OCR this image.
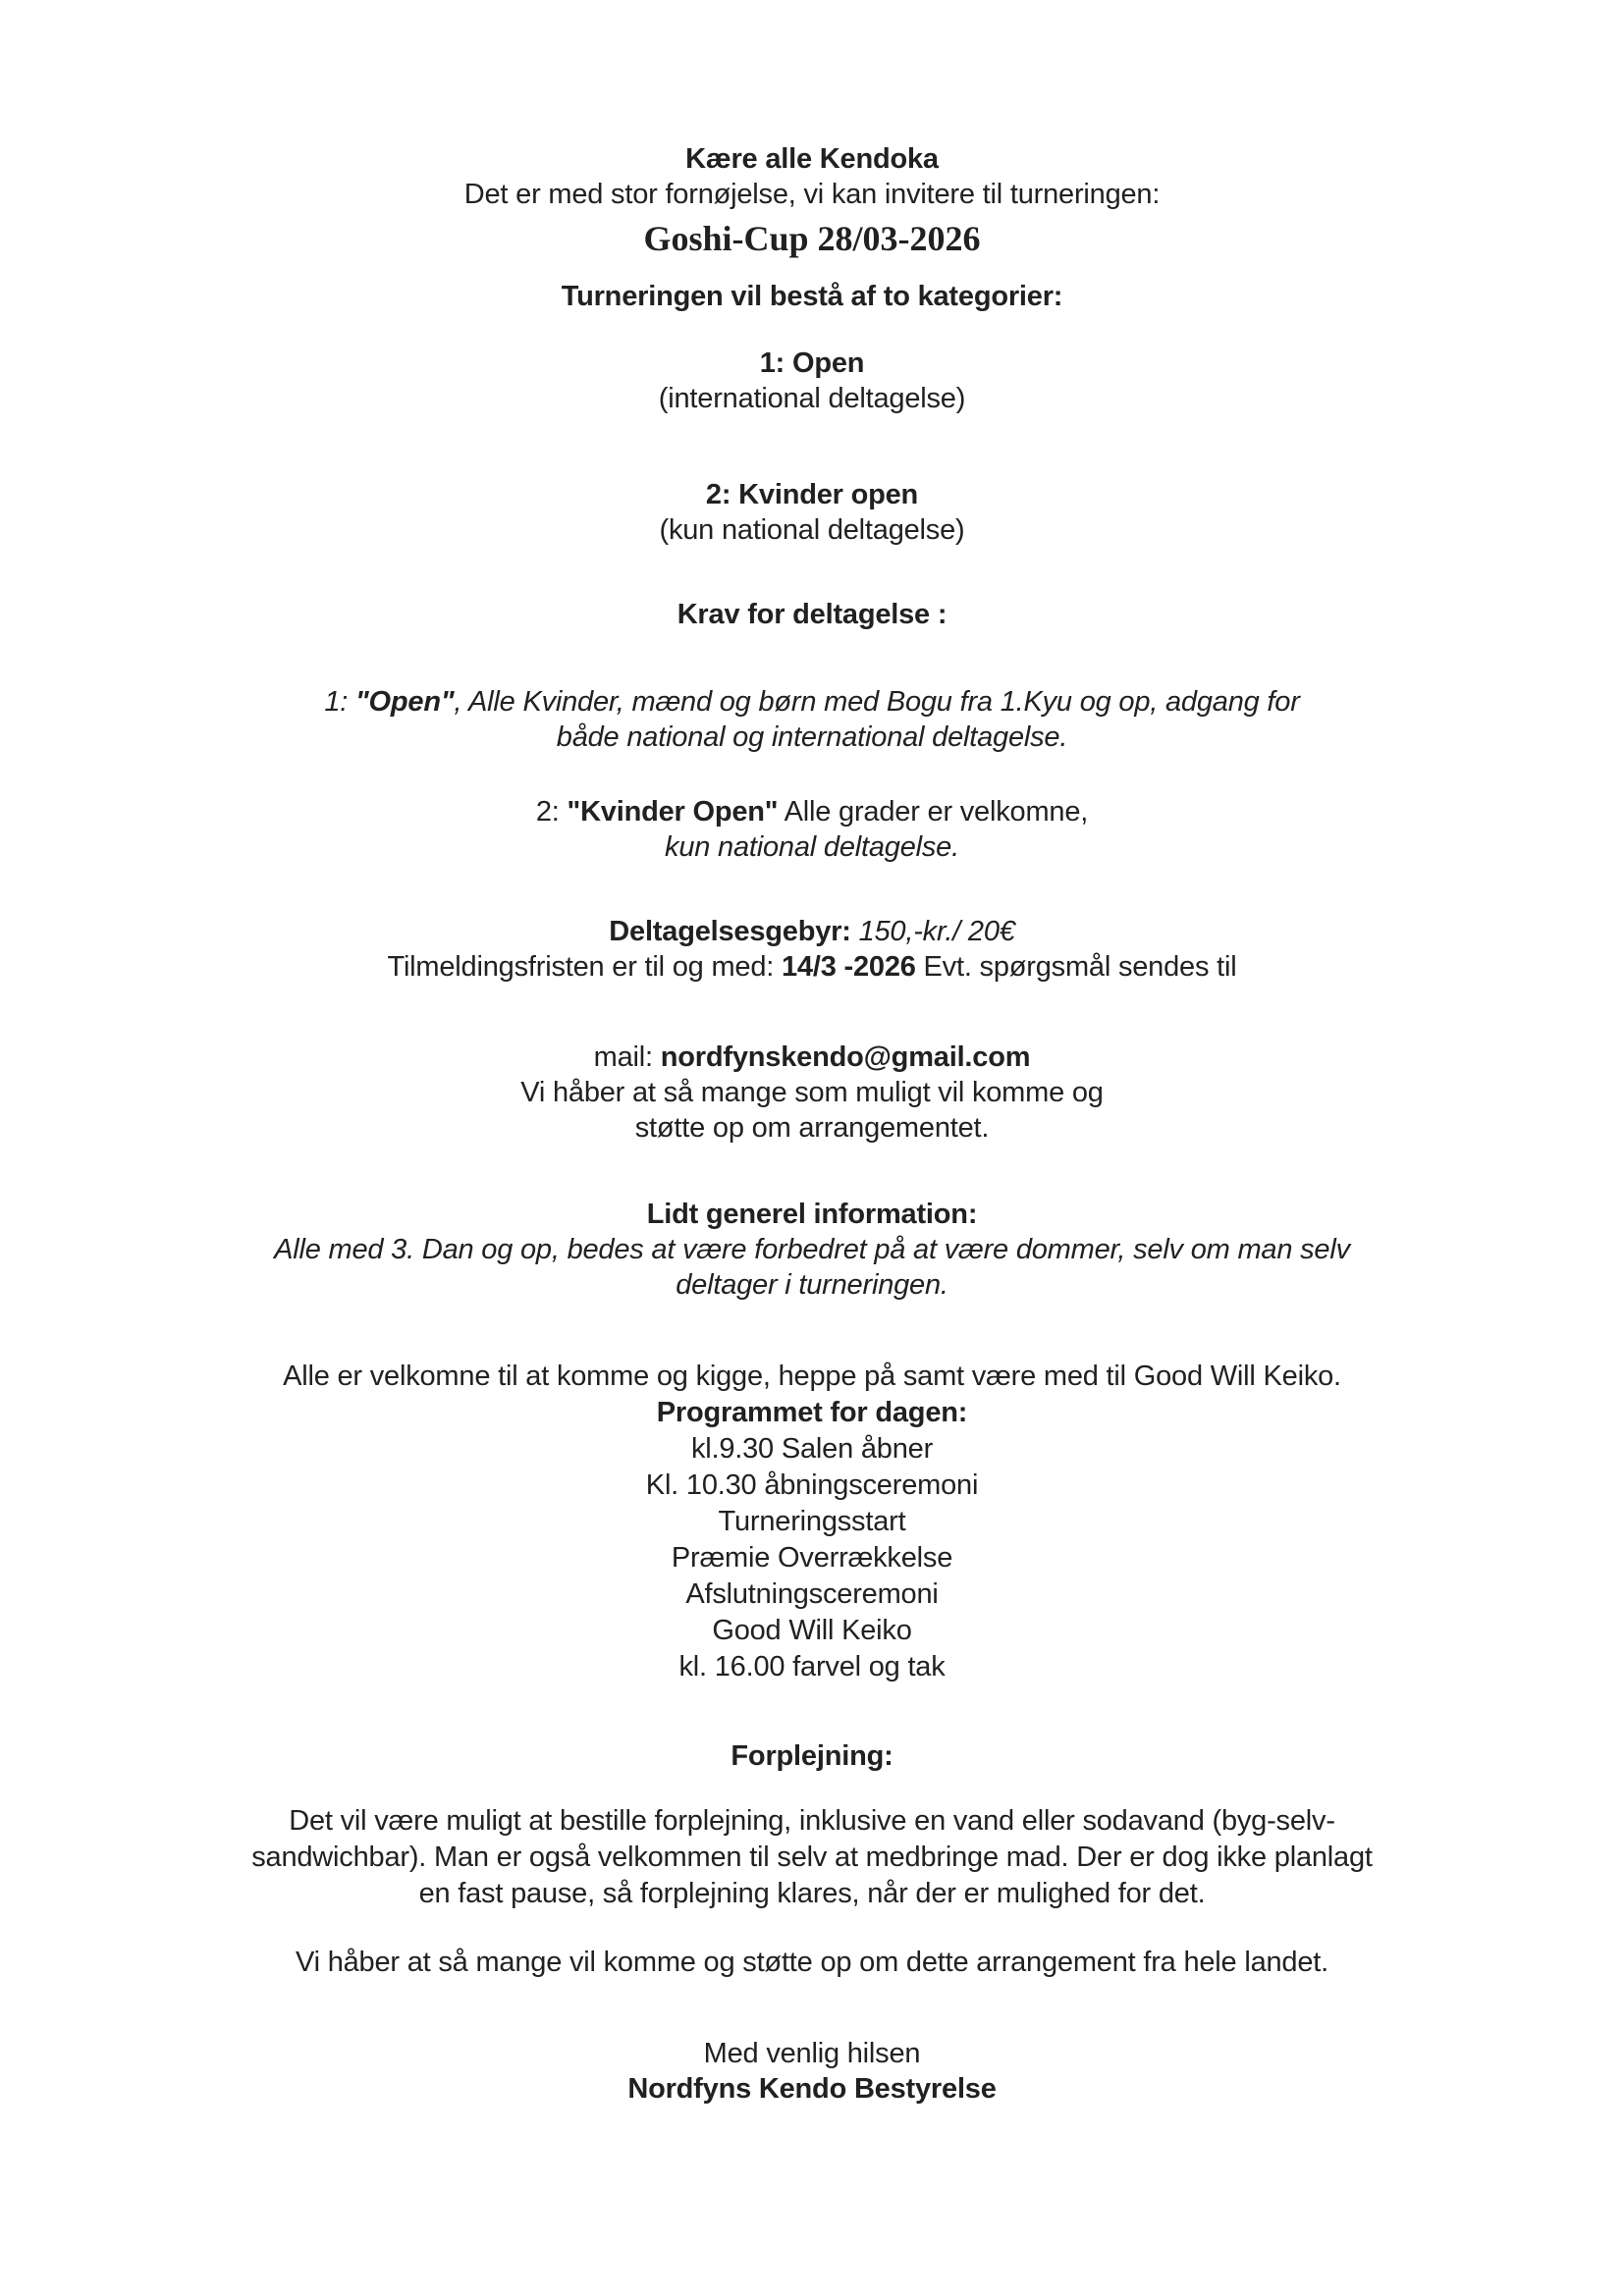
Kære alle Kendoka
Det er med stor fornøjelse, vi kan invitere til turneringen:
Goshi-Cup 28/03-2026
Turneringen vil bestå af to kategorier:
1: Open
(international deltagelse)
2: Kvinder open
(kun national deltagelse)
Krav for deltagelse :
1: "Open", Alle Kvinder, mænd og børn med Bogu fra 1.Kyu og op, adgang for
både national og international deltagelse.
2: "Kvinder Open" Alle grader er velkomne,
kun national deltagelse.
Deltagelsesgebyr: 150,-kr./ 20€
Tilmeldingsfristen er til og med: 14/3 -2026 Evt. spørgsmål sendes til
mail: nordfynskendo@gmail.com
Vi håber at så mange som muligt vil komme og
støtte op om arrangementet.
Lidt generel information:
Alle med 3. Dan og op, bedes at være forbedret på at være dommer, selv om man selv
deltager i turneringen.
Alle er velkomne til at komme og kigge, heppe på samt være med til Good Will Keiko.
Programmet for dagen:
kl.9.30 Salen åbner
Kl. 10.30 åbningsceremoni
Turneringsstart
Præmie Overrækkelse
Afslutningsceremoni
Good Will Keiko
kl. 16.00 farvel og tak
Forplejning:
Det vil være muligt at bestille forplejning, inklusive en vand eller sodavand (byg-selv-
sandwichbar). Man er også velkommen til selv at medbringe mad. Der er dog ikke planlagt
en fast pause, så forplejning klares, når der er mulighed for det.
Vi håber at så mange vil komme og støtte op om dette arrangement fra hele landet.
Med venlig hilsen
Nordfyns Kendo Bestyrelse
